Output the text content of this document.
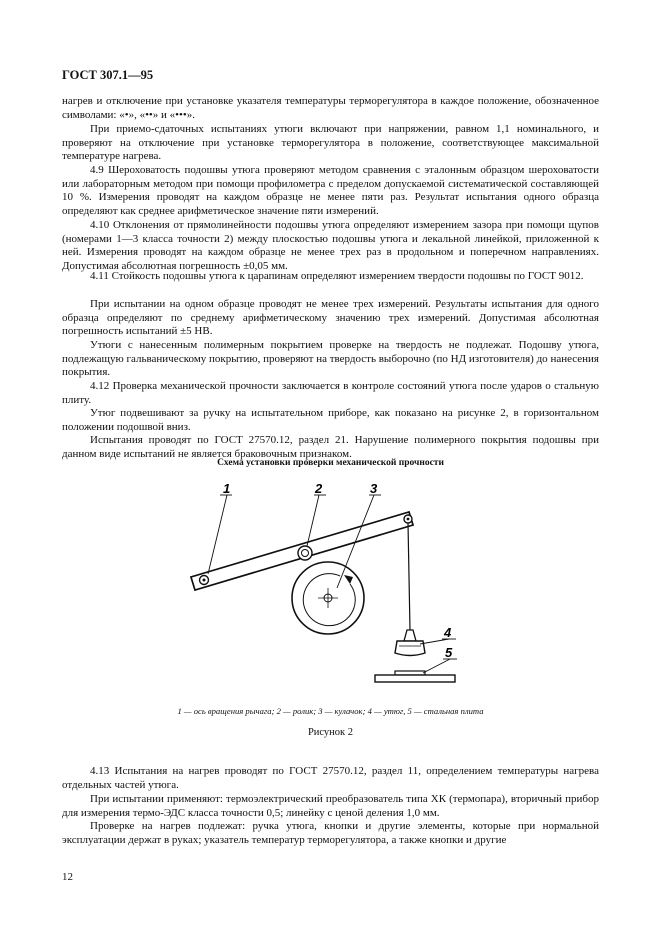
ГОСТ 307.1—95

нагрев и отключение при установке указателя температуры терморегулятора в каждое положение, обозначенное символами: «•», «••» и «•••».

При приемо-сдаточных испытаниях утюги включают при напряжении, равном 1,1 номинального, и проверяют на отключение при установке терморегулятора в положение, соответствующее максимальной температуре нагрева.

4.9 Шероховатость подошвы утюга проверяют методом сравнения с эталонным образцом шероховатости или лабораторным методом при помощи профилометра с пределом допускаемой систематической составляющей 10 %. Измерения проводят на каждом образце не менее пяти раз. Результат испытания одного образца определяют как среднее арифметическое значение пяти измерений.

4.10 Отклонения от прямолинейности подошвы утюга определяют измерением зазора при помощи щупов (номерами 1—3 класса точности 2) между плоскостью подошвы утюга и лекальной линейкой, приложенной к ней. Измерения проводят на каждом образце не менее трех раз в продольном и поперечном направлениях. Допустимая абсолютная погрешность ±0,05 мм.

4.11 Стойкость подошвы утюга к царапинам определяют измерением твердости подошвы по ГОСТ 9012.

При испытании на одном образце проводят не менее трех измерений. Результаты испытания для одного образца определяют по среднему арифметическому значению трех измерений. Допустимая абсолютная погрешность испытаний ±5 НВ.

Утюги с нанесенным полимерным покрытием проверке на твердость не подлежат. Подошву утюга, подлежащую гальваническому покрытию, проверяют на твердость выборочно (по НД изготовителя) до нанесения покрытия.

4.12 Проверка механической прочности заключается в контроле состояний утюга после ударов о стальную плиту.

Утюг подвешивают за ручку на испытательном приборе, как показано на рисунке 2, в горизонтальном положении подошвой вниз.

Испытания проводят по ГОСТ 27570.12, раздел 21. Нарушение полимерного покрытия подошвы при данном виде испытаний не является браковочным признаком.

Схема установки проверки механической прочности
1	2	3
4
5
1 — ось вращения рычага; 2 — ролик; 3 — кулачок; 4 — утюг, 5 — стальная плита
Рисунок 2

4.13 Испытания на нагрев проводят по ГОСТ 27570.12, раздел 11, определением температуры нагрева отдельных частей утюга.

При испытании применяют: термоэлектрический преобразователь типа ХК (термопара), вторичный прибор для измерения термо-ЭДС класса точности 0,5; линейку с ценой деления 1,0 мм.

Проверке на нагрев подлежат: ручка утюга, кнопки и другие элементы, которые при нормальной эксплуатации держат в руках; указатель температур терморегулятора, а также кнопки и другие

12
